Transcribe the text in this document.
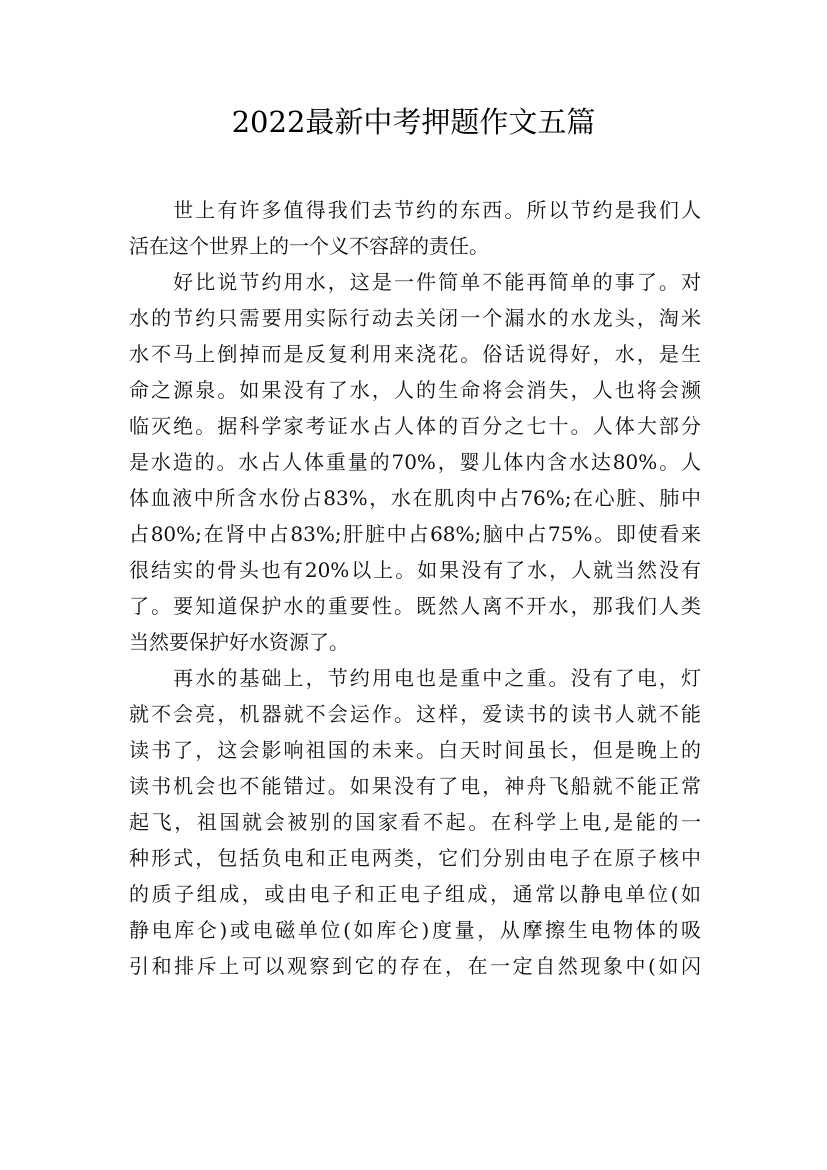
2022最新中考押题作文五篇
　　世上有许多值得我们去节约的东西。所以节约是我们人
活在这个世界上的一个义不容辞的责任。
　　好比说节约用水，这是一件简单不能再简单的事了。对
水的节约只需要用实际行动去关闭一个漏水的水龙头，淘米
水不马上倒掉而是反复利用来浇花。俗话说得好，水，是生
命之源泉。如果没有了水，人的生命将会消失，人也将会濒
临灭绝。据科学家考证水占人体的百分之七十。人体大部分
是水造的。水占人体重量的70%，婴儿体内含水达80%。人
体血液中所含水份占83%，水在肌肉中占76%;在心脏、肺中
占80%;在肾中占83%;肝脏中占68%;脑中占75%。即使看来
很结实的骨头也有20%以上。如果没有了水，人就当然没有
了。要知道保护水的重要性。既然人离不开水，那我们人类
当然要保护好水资源了。
　　再水的基础上，节约用电也是重中之重。没有了电，灯
就不会亮，机器就不会运作。这样，爱读书的读书人就不能
读书了，这会影响祖国的未来。白天时间虽长，但是晚上的
读书机会也不能错过。如果没有了电，神舟飞船就不能正常
起飞，祖国就会被别的国家看不起。在科学上电,是能的一
种形式，包括负电和正电两类，它们分别由电子在原子核中
的质子组成，或由电子和正电子组成，通常以静电单位(如
静电库仑)或电磁单位(如库仑)度量，从摩擦生电物体的吸
引和排斥上可以观察到它的存在，在一定自然现象中(如闪
